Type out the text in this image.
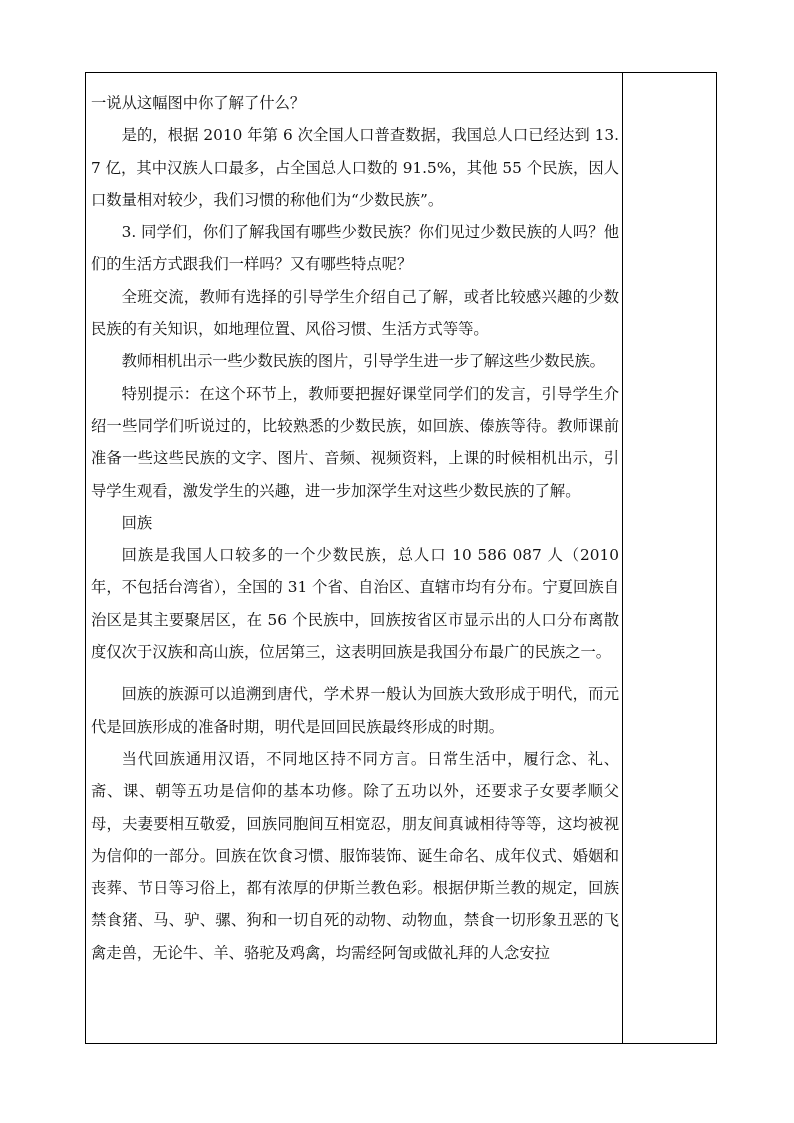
一说从这幅图中你了解了什么？

是的，根据 2010 年第 6 次全国人口普查数据，我国总人口已经达到 13.7 亿，其中汉族人口最多，占全国总人口数的 91.5%，其他 55 个民族，因人口数量相对较少，我们习惯的称他们为“少数民族”。

3. 同学们，你们了解我国有哪些少数民族？你们见过少数民族的人吗？他们的生活方式跟我们一样吗？又有哪些特点呢？

全班交流，教师有选择的引导学生介绍自己了解，或者比较感兴趣的少数民族的有关知识，如地理位置、风俗习惯、生活方式等等。

教师相机出示一些少数民族的图片，引导学生进一步了解这些少数民族。

特别提示：在这个环节上，教师要把握好课堂同学们的发言，引导学生介绍一些同学们听说过的，比较熟悉的少数民族，如回族、傣族等待。教师课前准备一些这些民族的文字、图片、音频、视频资料，上课的时候相机出示，引导学生观看，激发学生的兴趣，进一步加深学生对这些少数民族的了解。

回族

回族是我国人口较多的一个少数民族，总人口 10 586 087 人（2010 年，不包括台湾省），全国的 31 个省、自治区、直辖市均有分布。宁夏回族自治区是其主要聚居区，在 56 个民族中，回族按省区市显示出的人口分布离散度仅次于汉族和高山族，位居第三，这表明回族是我国分布最广的民族之一。

回族的族源可以追溯到唐代，学术界一般认为回族大致形成于明代，而元代是回族形成的准备时期，明代是回回民族最终形成的时期。

当代回族通用汉语，不同地区持不同方言。日常生活中，履行念、礼、斋、课、朝等五功是信仰的基本功修。除了五功以外，还要求子女要孝顺父母，夫妻要相互敬爱，回族同胞间互相宽忍，朋友间真诚相待等等，这均被视为信仰的一部分。回族在饮食习惯、服饰装饰、诞生命名、成年仪式、婚姻和丧葬、节日等习俗上，都有浓厚的伊斯兰教色彩。根据伊斯兰教的规定，回族禁食猪、马、驴、骡、狗和一切自死的动物、动物血，禁食一切形象丑恶的飞禽走兽，无论牛、羊、骆驼及鸡禽，均需经阿訇或做礼拜的人念安拉
